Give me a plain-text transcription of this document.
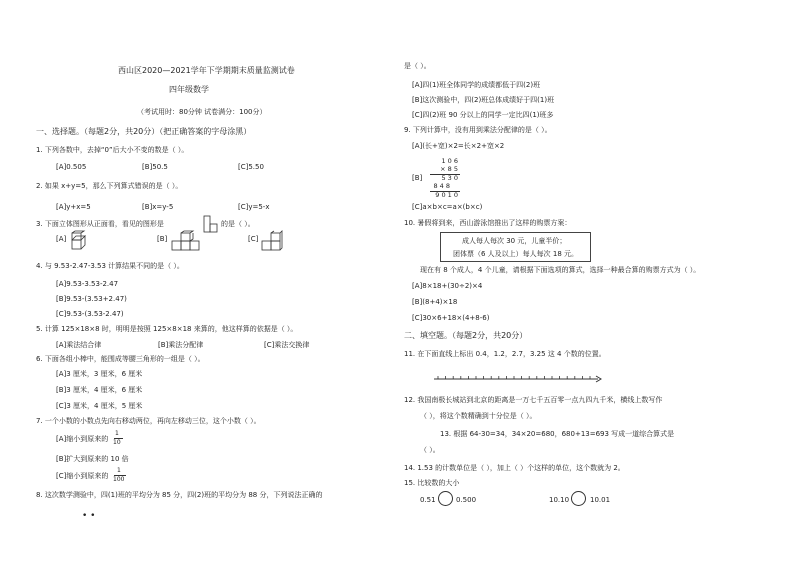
西山区2020—2021学年下学期期末质量监测试卷
四年级数学
（考试用时：80分钟 试卷满分：100分）
一、选择题。（每题2分，共20分）（把正确答案的字母涂黑）
1. 下列各数中，去掉“0”后大小不变的数是（ ）。
[A]0.505	[B]50.5	[C]5.50
2. 如果 x+y=5，那么下列算式错误的是（ ）。
[A]y+x=5	[B]x=y-5	[C]y=5-x
3. 下面立体图形从正面看，看见的图形是	的是（ ）。
[A]	[B]	[C]
4. 与 9.53-2.47-3.53 计算结果不同的是（ ）。
[A]9.53-3.53-2.47
[B]9.53-(3.53+2.47)
[C]9.53-(3.53-2.47)
5. 计算 125×18×8 时，明明是按照 125×8×18 来算的，他这样算的依据是（ ）。
[A]乘法结合律	[B]乘法分配律	[C]乘法交换律
6. 下面各组小棒中，能围成等腰三角形的一组是（ ）。
[A]3 厘米，3 厘米，6 厘米
[B]3 厘米，4 厘米，6 厘米
[C]3 厘米，4 厘米，5 厘米
7. 一个小数的小数点先向右移动两位，再向左移动三位，这个小数（ ）。
[A]缩小到原来的
1
10
[B]扩大到原来的 10 倍
[C]缩小到原来的
1
100
8. 这次数学测验中，四(1)班的平均分为 85 分，四(2)班的平均分为 88 分，下列说法正确的
• •
是（ ）。
[A]四(1)班全体同学的成绩都低于四(2)班
[B]这次测验中，四(2)班总体成绩好于四(1)班
[C]四(2)班 90 分以上的同学一定比四(1)班多
9. 下列计算中，没有用到乘法分配律的是（ ）。
[A](长+宽)×2=长×2+宽×2
[B]
1 0 6
× 8 5
5 3 0
8 4 8
9 0 1 0
[C]a×b×c=a×(b×c)
10. 暑假将到来，西山游泳馆推出了这样的购票方案：
成人每人每次 30 元，儿童半价；
团体票（6 人及以上）每人每次 18 元。
现在有 8 个成人，4 个儿童，请根据下面选项的算式，选择一种最合算的购票方式为（ ）。
[A]8×18+(30÷2)×4
[B](8+4)×18
[C]30×6+18×(4+8-6)
二、填空题。（每题2分，共20分）
11. 在下面直线上标出 0.4，1.2，2.7，3.25 这 4 个数的位置。
12. 我国南极长城站到北京的距离是一万七千五百零一点九四九千米，横线上数写作
（ ），将这个数精确到十分位是（ ）。
13. 根据 64-30=34，34×20=680，680+13=693 写成一道综合算式是
（ ）。
14. 1.53 的计数单位是（ ），加上（ ）个这样的单位，这个数就为 2。
15. 比较数的大小
0.51	0.500	10.10	10.01
